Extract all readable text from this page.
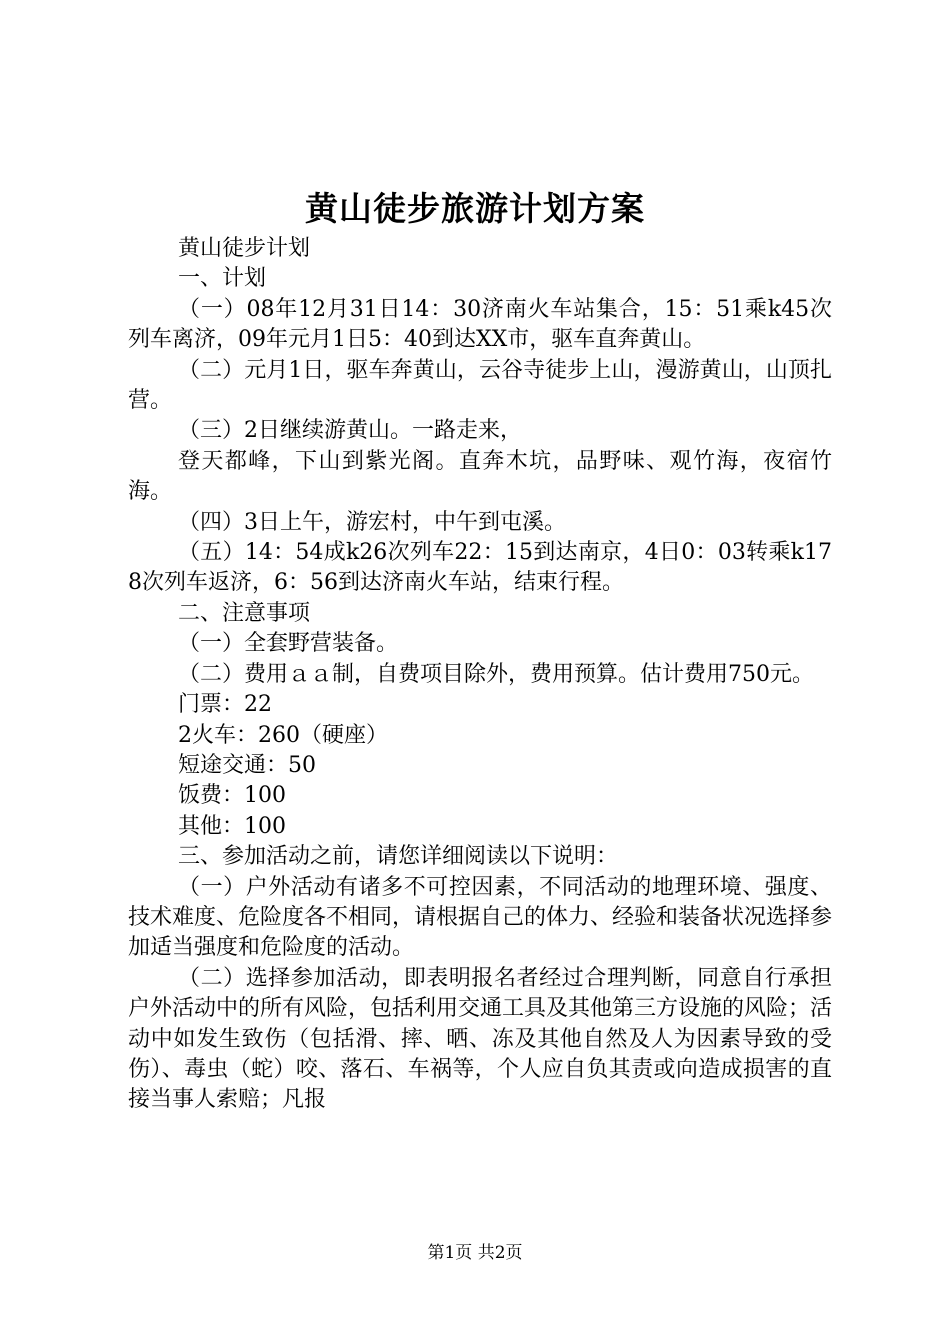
黄山徒步旅游计划方案

黄山徒步计划

一、计划

（一）08年12月31日14：30济南火车站集合，15：51乘k45次列车离济，09年元月1日5：40到达XX市，驱车直奔黄山。

（二）元月1日，驱车奔黄山，云谷寺徒步上山，漫游黄山，山顶扎营。

（三）2日继续游黄山。一路走来，

登天都峰，下山到紫光阁。直奔木坑，品野味、观竹海，夜宿竹海。

（四）3日上午，游宏村，中午到屯溪。

（五）14：54成k26次列车22：15到达南京，4日0：03转乘k178次列车返济，6：56到达济南火车站，结束行程。

二、注意事项

（一）全套野营装备。

（二）费用ａａ制，自费项目除外，费用预算。估计费用750元。

门票：22

2火车：260（硬座）

短途交通：50

饭费：100

其他：100

三、参加活动之前，请您详细阅读以下说明：

（一）户外活动有诸多不可控因素，不同活动的地理环境、强度、技术难度、危险度各不相同，请根据自己的体力、经验和装备状况选择参加适当强度和危险度的活动。

（二）选择参加活动，即表明报名者经过合理判断，同意自行承担户外活动中的所有风险，包括利用交通工具及其他第三方设施的风险；活动中如发生致伤（包括滑、摔、晒、冻及其他自然及人为因素导致的受伤）、毒虫（蛇）咬、落石、车祸等，个人应自负其责或向造成损害的直接当事人索赔；凡报

第1页 共2页
